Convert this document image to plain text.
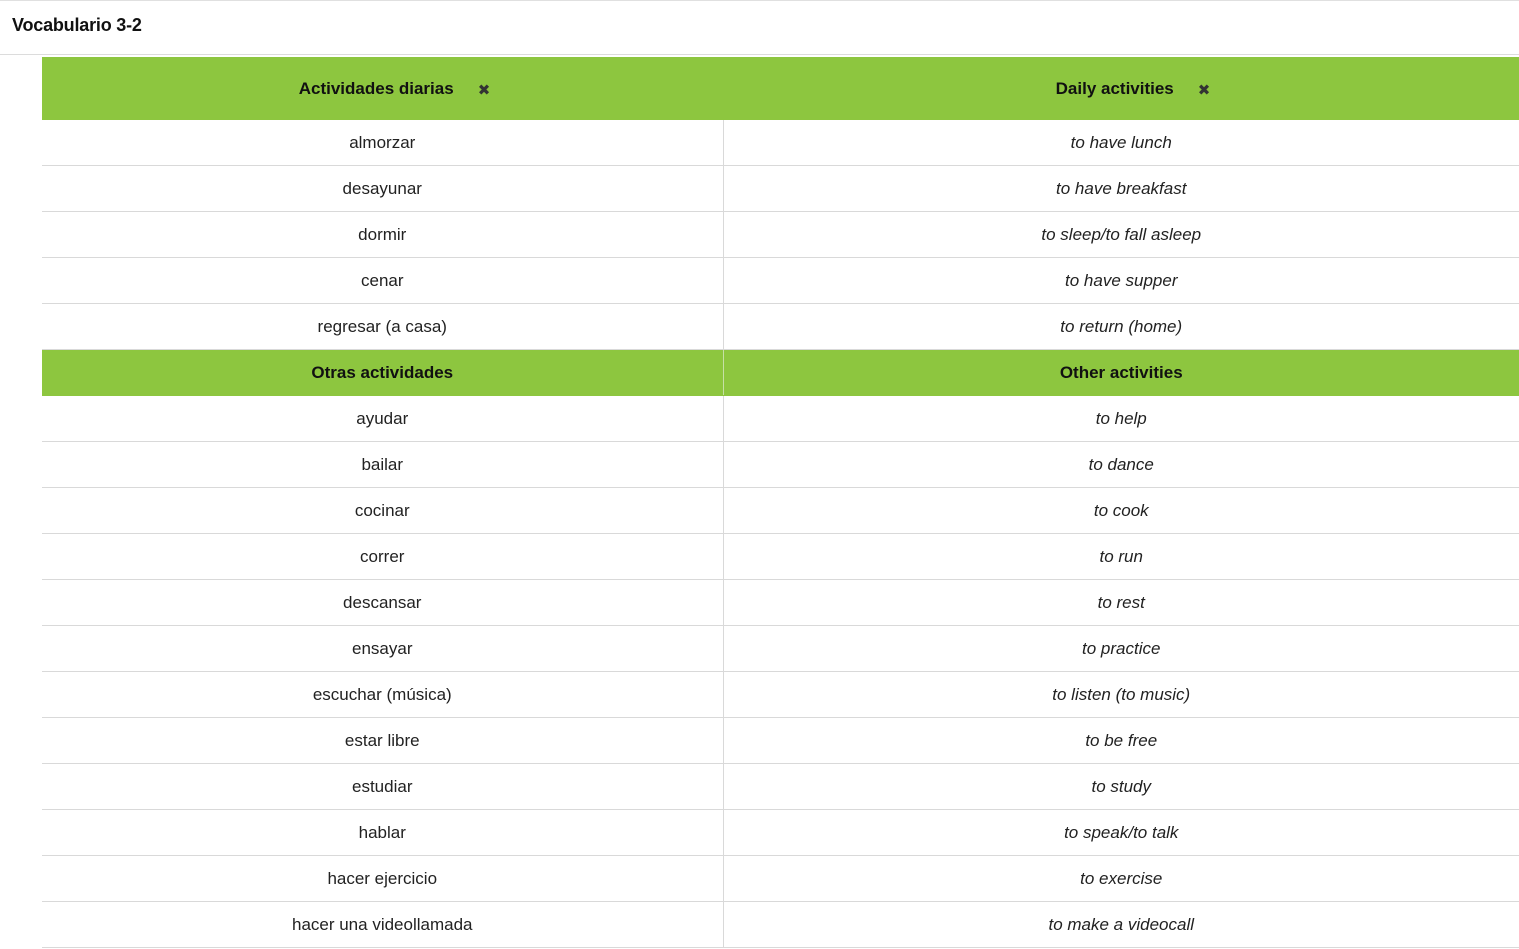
Vocabulario 3-2
Actividades diarias ✖	Daily activities ✖

almorzar	to have lunch
desayunar	to have breakfast
dormir	to sleep/to fall asleep
cenar	to have supper
regresar (a casa)	to return (home)
Otras actividades	Other activities
ayudar	to help
bailar	to dance
cocinar	to cook
correr	to run
descansar	to rest
ensayar	to practice
escuchar (música)	to listen (to music)
estar libre	to be free
estudiar	to study
hablar	to speak/to talk
hacer ejercicio	to exercise
hacer una videollamada	to make a videocall
